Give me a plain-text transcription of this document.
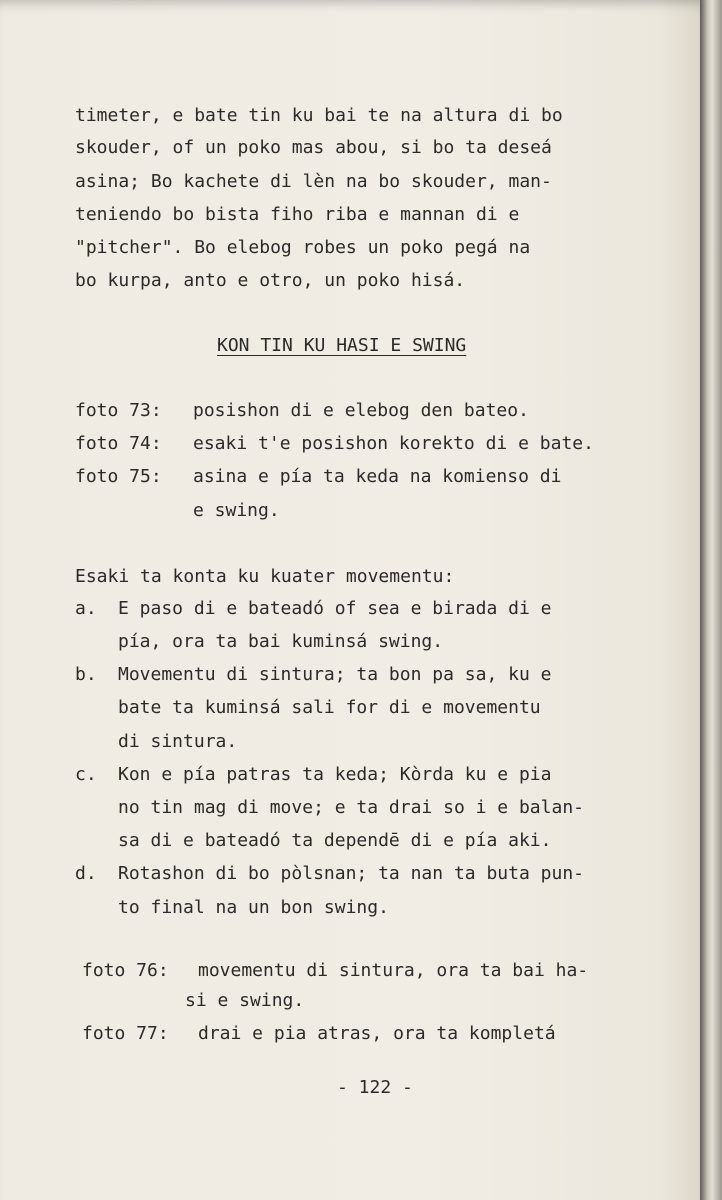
timeter, e bate tin ku bai te na altura di bo
skouder, of un poko mas abou, si bo ta deseá
asina; Bo kachete di lèn na bo skouder, man-
teniendo bo bista fiho riba e mannan di e
"pitcher". Bo elebog robes un poko pegá na
bo kurpa, anto e otro, un poko hisá.
KON TIN KU HASI E SWING
foto 73: posishon di e elebog den bateo.
foto 74: esaki t'e posishon korekto di e bate.
foto 75: asina e pía ta keda na komienso di
e swing.
Esaki ta konta ku kuater movementu:
a. E paso di e bateadó of sea e birada di e
pía, ora ta bai kuminsá swing.
b. Movementu di sintura; ta bon pa sa, ku e
bate ta kuminsá sali for di e movementu
di sintura.
c. Kon e pía patras ta keda; Kòrda ku e pia
no tin mag di move; e ta drai so i e balan-
sa di e bateadó ta dependē di e pía aki.
d. Rotashon di bo pòlsnan; ta nan ta buta pun-
to final na un bon swing.
foto 76: movementu di sintura, ora ta bai ha-
si e swing.
foto 77: drai e pia atras, ora ta kompletá
- 122 -
